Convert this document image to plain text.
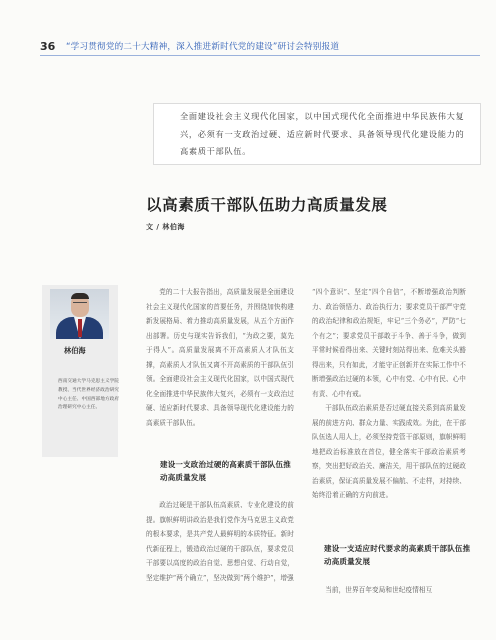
36 “学习贯彻党的二十大精神，深入推进新时代党的建设”研讨会特别报道
全面建设社会主义现代化国家，以中国式现代化全面推进中华民族伟大复兴，必须有一支政治过硬、适应新时代要求、具备领导现代化建设能力的高素质干部队伍。
以高素质干部队伍助力高质量发展
文 / 林伯海
林伯海
西南交通大学马克思主义学院教授、当代世界经济政治研究中心主任、中国西部地方政府治理研究中心主任。

党的二十大报告指出，高质量发展是全面建设社会主义现代化国家的首要任务，并围绕加快构建新发展格局、着力推动高质量发展，从五个方面作出部署。历史与现实告诉我们，“为政之要，莫先于得人”。高质量发展离不开高素质人才队伍支撑，高素质人才队伍又离不开高素质的干部队伍引领。全面建设社会主义现代化国家，以中国式现代化全面推进中华民族伟大复兴，必须有一支政治过硬、适应新时代要求、具备领导现代化建设能力的高素质干部队伍。

建设一支政治过硬的高素质干部队伍推动高质量发展

政治过硬是干部队伍高素质、专业化建设的前提。旗帜鲜明讲政治是我们党作为马克思主义政党的根本要求，是共产党人最鲜明的本质特征。新时代新征程上，锻造政治过硬的干部队伍，要求党员干部要以高度的政治自觉、思想自觉、行动自觉，坚定维护“两个确立”，坚决做到“两个维护”，增强

“四个意识”、坚定“四个自信”，不断增强政治判断力、政治领悟力、政治执行力；要求党员干部严守党的政治纪律和政治规矩，牢记“三个务必”，严防“七个有之”；要求党员干部敢于斗争、善于斗争，做到平常时候看得出来、关键时刻站得出来、危难关头豁得出来，只有如此，才能守正创新并在实际工作中不断增强政治过硬的本领，心中有党、心中有民、心中有责、心中有戒。

干部队伍政治素质是否过硬直接关系到高质量发展的前进方向、群众力量、实践成效。为此，在干部队伍选人用人上，必须坚持党管干部原则，旗帜鲜明地把政治标准放在首位，健全落实干部政治素质考察，突出把好政治关、廉洁关，用干部队伍的过硬政治素质，保证高质量发展不偏航、不走样，对持续、始终沿着正确的方向前进。

建设一支适应时代要求的高素质干部队伍推动高质量发展

当前，世界百年变局和世纪疫情相互
